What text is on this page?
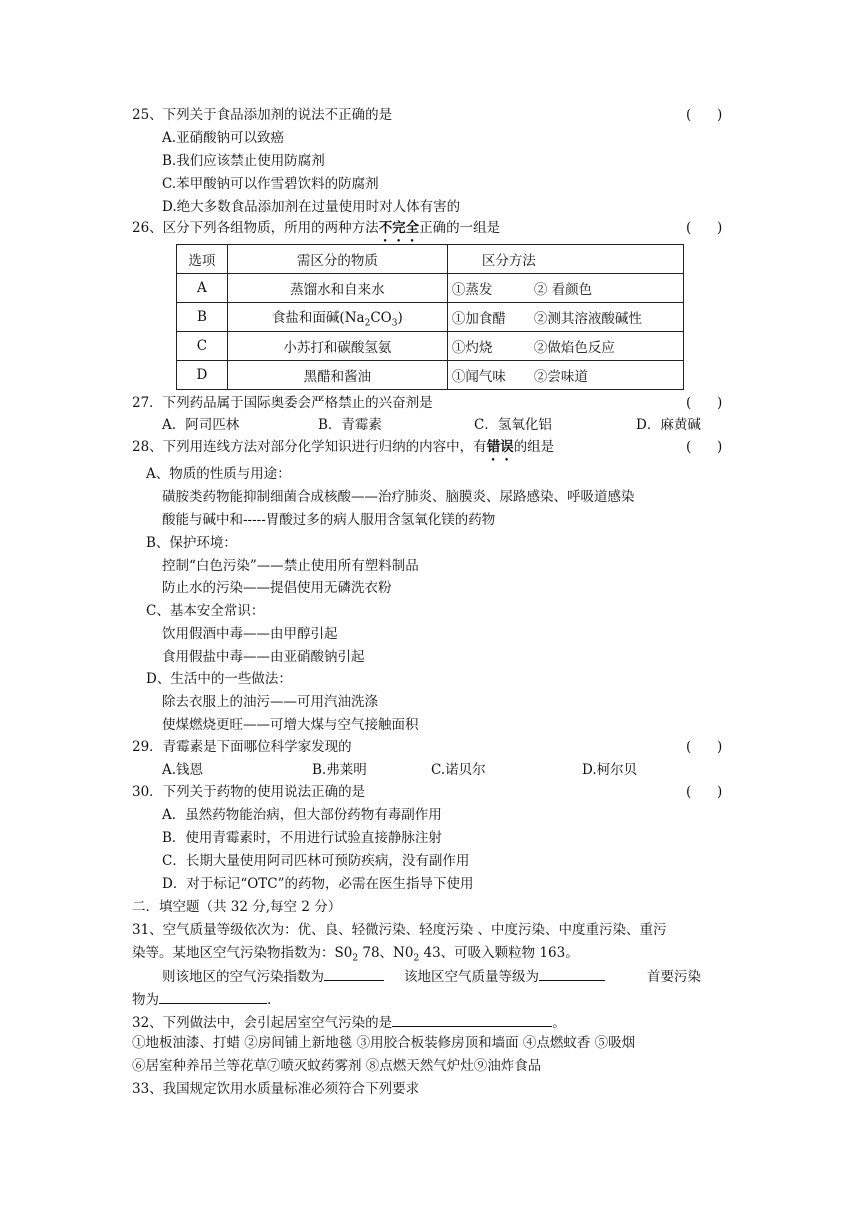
25、下列关于食品添加剂的说法不正确的是	(      )
A.亚硝酸钠可以致癌
B.我们应该禁止使用防腐剂
C.苯甲酸钠可以作雪碧饮料的防腐剂
D.绝大多数食品添加剂在过量使用时对人体有害的
26、区分下列各组物质，所用的两种方法不完全正确的一组是	(      )
选项	需区分的物质	区分方法
A	蒸馏水和自来水	①蒸发 ② 看颜色
B	食盐和面碱$(Na_2CO_3)$	①加食醋 ②测其溶液酸碱性
C	小苏打和碳酸氢氨	①灼烧 ②做焰色反应
D	黑醋和酱油	①闻气味 ②尝味道
27．下列药品属于国际奥委会严格禁止的兴奋剂是	(      )
A．阿司匹林	B．青霉素	C．氢氧化铝	D．麻黄碱
28、下列用连线方法对部分化学知识进行归纳的内容中，有错误的组是	(      )
A、物质的性质与用途：
磺胺类药物能抑制细菌合成核酸——治疗肺炎、脑膜炎、尿路感染、呼吸道感染
酸能与碱中和-----胃酸过多的病人服用含氢氧化镁的药物
B、保护环境：
控制“白色污染”——禁止使用所有塑料制品
防止水的污染——提倡使用无磷洗衣粉
C、基本安全常识：
饮用假酒中毒——由甲醇引起
食用假盐中毒——由亚硝酸钠引起
D、生活中的一些做法：
除去衣服上的油污——可用汽油洗涤
使煤燃烧更旺——可增大煤与空气接触面积
29．青霉素是下面哪位科学家发现的	(      )
A.钱恩	B.弗莱明	C.诺贝尔	D.柯尔贝
30．下列关于药物的使用说法正确的是	(      )
A．虽然药物能治病，但大部份药物有毒副作用
B．使用青霉素时，不用进行试验直接静脉注射
C．长期大量使用阿司匹林可预防疾病，没有副作用
D．对于标记“OTC”的药物，必需在医生指导下使用
二．填空题（共 32 分,每空 2 分）
31、空气质量等级依次为：优、良、轻微污染、轻度污染 、中度污染、中度重污染、重污
染等。某地区空气污染物指数为：$S0_2$ 78、$N0_2$ 43、可吸入颗粒物 163。
则该地区的空气污染指数为	该地区空气质量等级为	首要污染
物为	.
32、下列做法中，会引起居室空气污染的是	。
①地板油漆、打蜡 ②房间铺上新地毯 ③用胶合板装修房顶和墙面 ④点燃蚊香 ⑤吸烟
⑥居室种养吊兰等花草⑦喷灭蚊药雾剂 ⑧点燃天然气炉灶⑨油炸食品
33、我国规定饮用水质量标准必须符合下列要求
